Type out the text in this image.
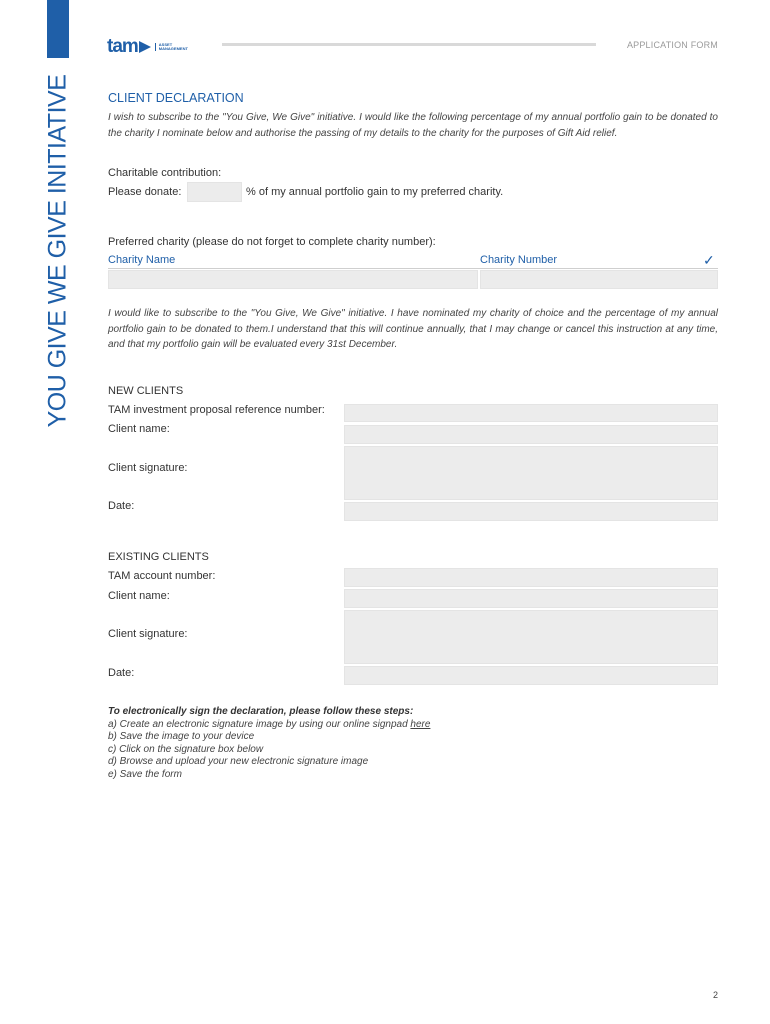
YOU GIVE WE GIVE INITIATIVE
tam	ASSET MANAGEMENT	APPLICATION FORM
CLIENT DECLARATION
I wish to subscribe to the "You Give, We Give" initiative. I would like the following percentage of my annual portfolio gain to be donated to the charity I nominate below and authorise the passing of my details to the charity for the purposes of Gift Aid relief.
Charitable contribution:
Please donate:	% of my annual portfolio gain to my preferred charity.
Preferred charity (please do not forget to complete charity number):
Charity Name	Charity Number	✓
I would like to subscribe to the "You Give, We Give" initiative. I have nominated my charity of choice and the percentage of my annual portfolio gain to be donated to them.I understand that this will continue annually, that I may change or cancel this instruction at any time, and that my portfolio gain will be evaluated every 31st December.
NEW CLIENTS
TAM investment proposal reference number:
Client name:
Client signature:
Date:
EXISTING CLIENTS
TAM account number:
Client name:
Client signature:
Date:
To electronically sign the declaration, please follow these steps:
a) Create an electronic signature image by using our online signpad here
b) Save the image to your device
c) Click on the signature box below
d) Browse and upload your new electronic signature image
e) Save the form
2
